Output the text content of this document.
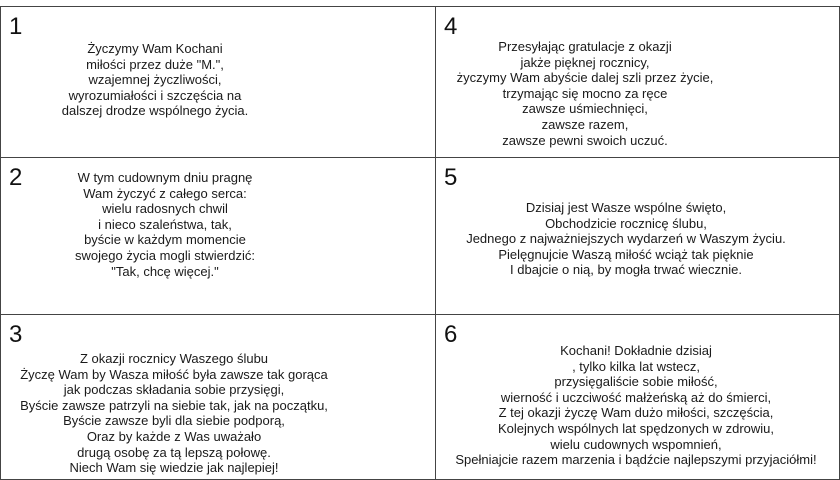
1
Życzymy Wam Kochani
miłości przez duże "M.",
wzajemnej życzliwości,
wyrozumiałości i szczęścia na
dalszej drodze wspólnego życia.
2	W tym cudownym dniu pragnę
Wam życzyć z całego serca:
wielu radosnych chwil
i nieco szaleństwa, tak,
byście w każdym momencie
swojego życia mogli stwierdzić:
"Tak, chcę więcej."
3
Z okazji rocznicy Waszego ślubu
Życzę Wam by Wasza miłość była zawsze tak gorąca
jak podczas składania sobie przysięgi,
Byście zawsze patrzyli na siebie tak, jak na początku,
Byście zawsze byli dla siebie podporą,
Oraz by każde z Was uważało
drugą osobę za tą lepszą połowę.
Niech Wam się wiedzie jak najlepiej!
4
Przesyłając gratulacje z okazji
jakże pięknej rocznicy,
życzymy Wam abyście dalej szli przez życie,
trzymając się mocno za ręce
zawsze uśmiechnięci,
zawsze razem,
zawsze pewni swoich uczuć.
5
Dzisiaj jest Wasze wspólne święto,
Obchodzicie rocznicę ślubu,
Jednego z najważniejszych wydarzeń w Waszym życiu.
Pielęgnujcie Waszą miłość wciąż tak pięknie
I dbajcie o nią, by mogła trwać wiecznie.
6
Kochani! Dokładnie dzisiaj
, tylko kilka lat wstecz,
przysięgaliście sobie miłość,
wierność i uczciwość małżeńską aż do śmierci,
Z tej okazji życzę Wam dużo miłości, szczęścia,
Kolejnych wspólnych lat spędzonych w zdrowiu,
wielu cudownych wspomnień,
Spełniajcie razem marzenia i bądźcie najlepszymi przyjaciółmi!
